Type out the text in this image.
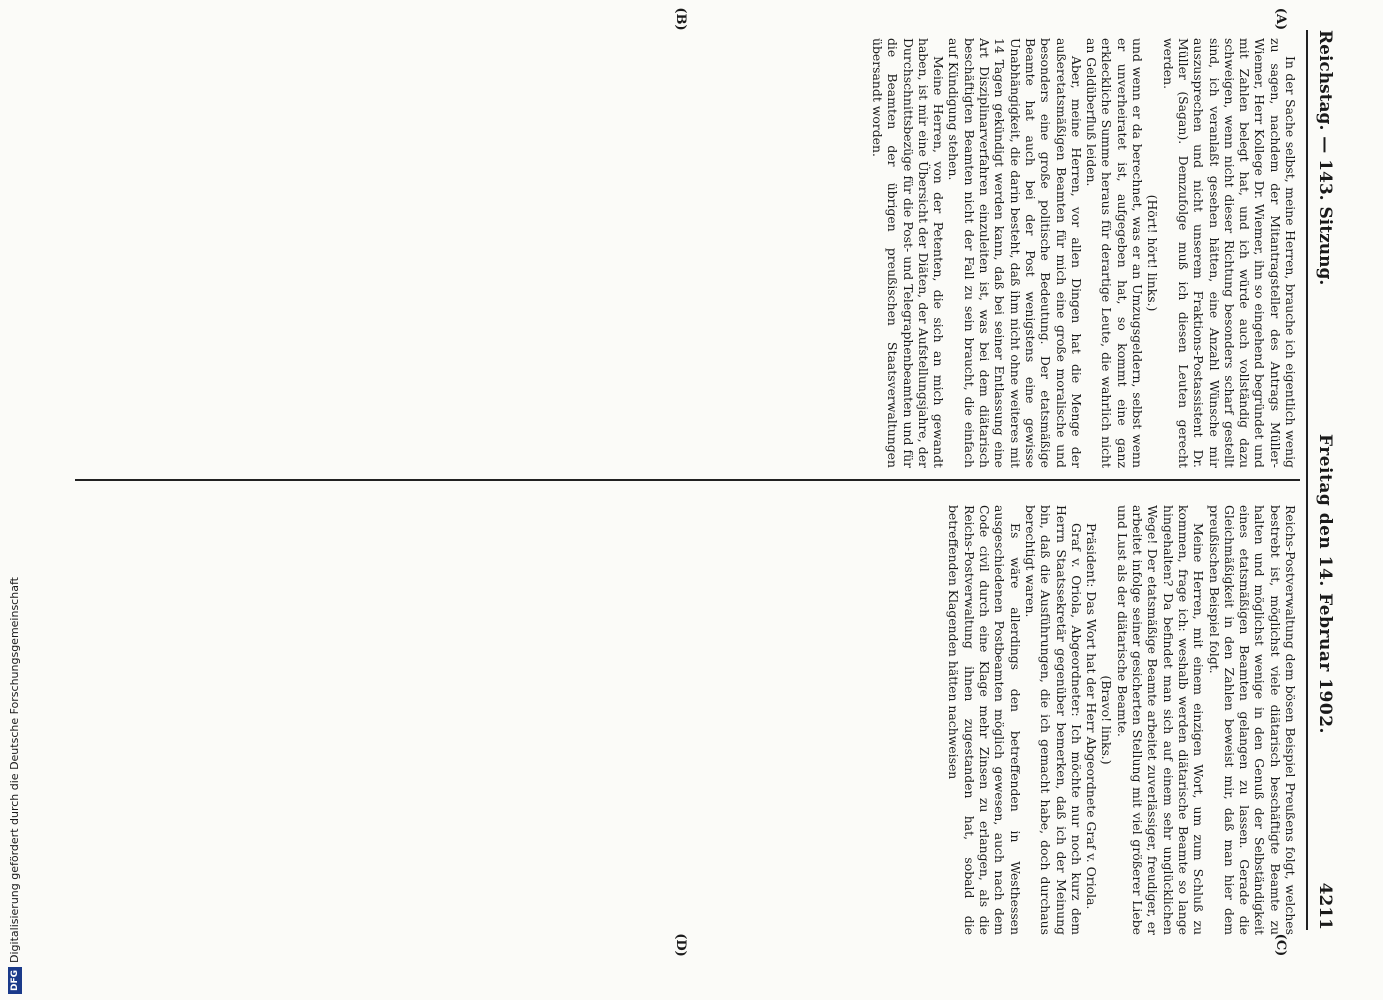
Reichstag. — 143. Sitzung.
Freitag den 14. Februar 1902.
4211
(A)
(B)
(C)
(D)

In der Sache selbst, meine Herren, brauche ich eigentlich wenig zu sagen, nachdem der Mitantragsteller des Antrags Müller-Wiemer, Herr Kollege Dr. Wiemer, ihn so eingehend begründet und mit Zahlen belegt hat, und ich würde auch vollständig dazu schweigen, wenn nicht dieser Richtung besonders scharf gestellt sind, ich veranlaßt gesehen hätten, eine Anzahl Wünsche mir auszusprechen und nicht unserem Fraktions-Postassistent Dr. Müller (Sagan). Demzufolge muß ich diesen Leuten gerecht werden.

(Hört! hört! links.)

und wenn er da berechnet, was er an Umzugsgeldern, selbst wenn er unverheiratet ist, aufgegeben hat, so kommt eine ganz erkleckliche Summe heraus für derartige Leute, die wahrlich nicht an Geldüberfluß leiden.

Aber, meine Herren, vor allen Dingen hat die Menge der außeretatsmäßigen Beamten für mich eine große moralische und besonders eine große politische Bedeutung. Der etatsmäßige Beamte hat auch bei der Post wenigstens eine gewisse Unabhängigkeit, die darin besteht, daß ihm nicht ohne weiteres mit 14 Tagen gekündigt werden kann, daß bei seiner Entlassung eine Art Disziplinarverfahren einzuleiten ist, was bei dem diätarisch beschäftigten Beamten nicht der Fall zu sein braucht, die einfach auf Kündigung stehen.

Meine Herren, von der Petenten, die sich an mich gewandt haben, ist mir eine Übersicht der Diäten, der Aufstellungsjahre, der Durchschnittsbezüge für die Post- und Telegraphenbeamten und für die Beamten der übrigen preußischen Staatsverwaltungen übersandt worden.

Reichs-Postverwaltung dem bösen Beispiel Preußens folgt, welches bestrebt ist, möglichst viele diätarisch beschäftigte Beamte zu halten und möglichst wenige in den Genuß der Selbständigkeit eines etatsmäßigen Beamten gelangen zu lassen. Gerade die Gleichmäßigkeit in den Zahlen beweist mir, daß man hier dem preußischen Beispiel folgt.

Meine Herren, mit einem einzigen Wort, um zum Schluß zu kommen, frage ich: weshalb werden diätarische Beamte so lange hingehalten? Da befindet man sich auf einem sehr unglücklichen Wege! Der etatsmäßige Beamte arbeitet zuverlässiger, freudiger, er arbeitet infolge seiner gesicherten Stellung mit viel größerer Liebe und Lust als der diätarische Beamte.

(Bravo! links.)

Präsident: Das Wort hat der Herr Abgeordnete Graf v. Oriola.

Graf v. Oriola, Abgeordneter: Ich möchte nur noch kurz dem Herrn Staatssekretär gegenüber bemerken, daß ich der Meinung bin, daß die Ausführungen, die ich gemacht habe, doch durchaus berechtigt waren.

Es wäre allerdings den betreffenden in Westhessen ausgeschiedenen Postbeamten möglich gewesen, auch nach dem Code civil durch eine Klage mehr Zinsen zu erlangen, als die Reichs-Postverwaltung ihnen zugestanden hat, sobald die betreffenden Klagenden hätten nachweisen

DFG
Digitalisierung gefördert durch die Deutsche Forschungsgemeinschaft
